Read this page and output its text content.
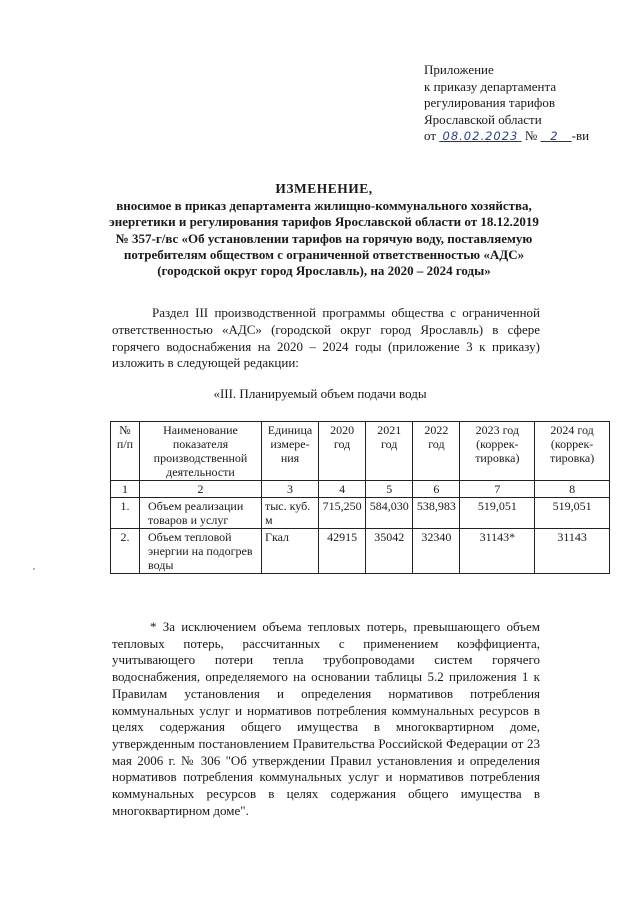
Приложение
к приказу департамента
регулирования тарифов
Ярославской области
от 08.02.2023 № 2 -ви
ИЗМЕНЕНИЕ,
вносимое в приказ департамента жилищно-коммунального хозяйства, энергетики и регулирования тарифов Ярославской области от 18.12.2019 № 357-г/вс «Об установлении тарифов на горячую воду, поставляемую потребителям обществом с ограниченной ответственностью «АДС» (городской округ город Ярославль), на 2020 – 2024 годы»
Раздел III производственной программы общества с ограниченной ответственностью «АДС» (городской округ город Ярославль) в сфере горячего водоснабжения на 2020 – 2024 годы (приложение 3 к приказу) изложить в следующей редакции:
«III. Планируемый объем подачи воды
№ п/п	Наименование показателя производственной деятельности	Единица измере-ния	2020 год	2021 год	2022 год	2023 год (коррек-тировка)	2024 год (коррек-тировка)
1	2	3	4	5	6	7	8
1.	Объем реализации товаров и услуг	тыс. куб. м	715,250	584,030	538,983	519,051	519,051
2.	Объем тепловой энергии на подогрев воды	Гкал	42915	35042	32340	31143*	31143
* За исключением объема тепловых потерь, превышающего объем тепловых потерь, рассчитанных с применением коэффициента, учитывающего потери тепла трубопроводами систем горячего водоснабжения, определяемого на основании таблицы 5.2 приложения 1 к Правилам установления и определения нормативов потребления коммунальных услуг и нормативов потребления коммунальных ресурсов в целях содержания общего имущества в многоквартирном доме, утвержденным постановлением Правительства Российской Федерации от 23 мая 2006 г. № 306 "Об утверждении Правил установления и определения нормативов потребления коммунальных услуг и нормативов потребления коммунальных ресурсов в целях содержания общего имущества в многоквартирном доме".
